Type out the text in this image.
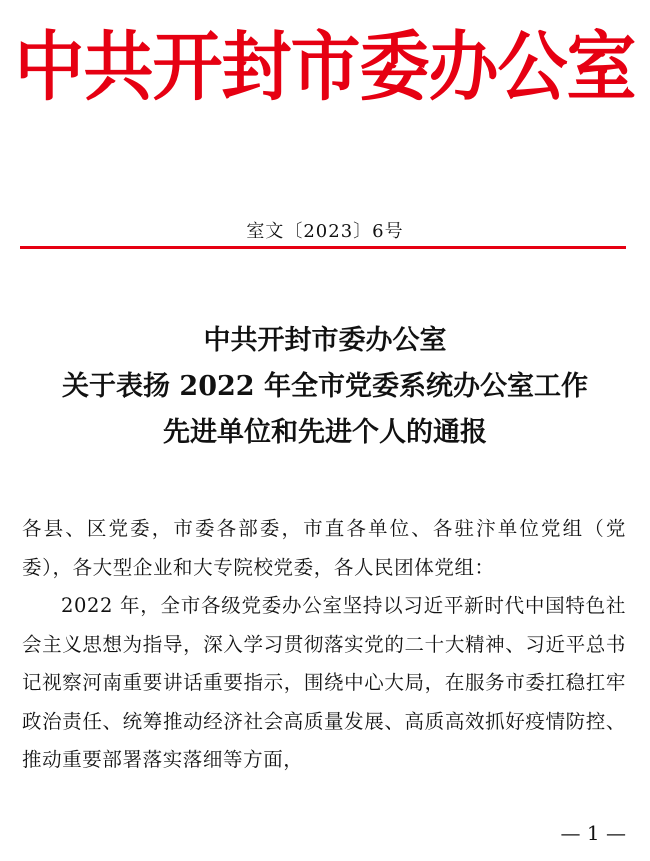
中共开封市委办公室
室文〔2023〕6号
中共开封市委办公室
关于表扬 2022 年全市党委系统办公室工作
先进单位和先进个人的通报

各县、区党委，市委各部委，市直各单位、各驻汴单位党组（党委），各大型企业和大专院校党委，各人民团体党组：

2022 年，全市各级党委办公室坚持以习近平新时代中国特色社会主义思想为指导，深入学习贯彻落实党的二十大精神、习近平总书记视察河南重要讲话重要指示，围绕中心大局，在服务市委扛稳扛牢政治责任、统筹推动经济社会高质量发展、高质高效抓好疫情防控、推动重要部署落实落细等方面，

— 1 —
